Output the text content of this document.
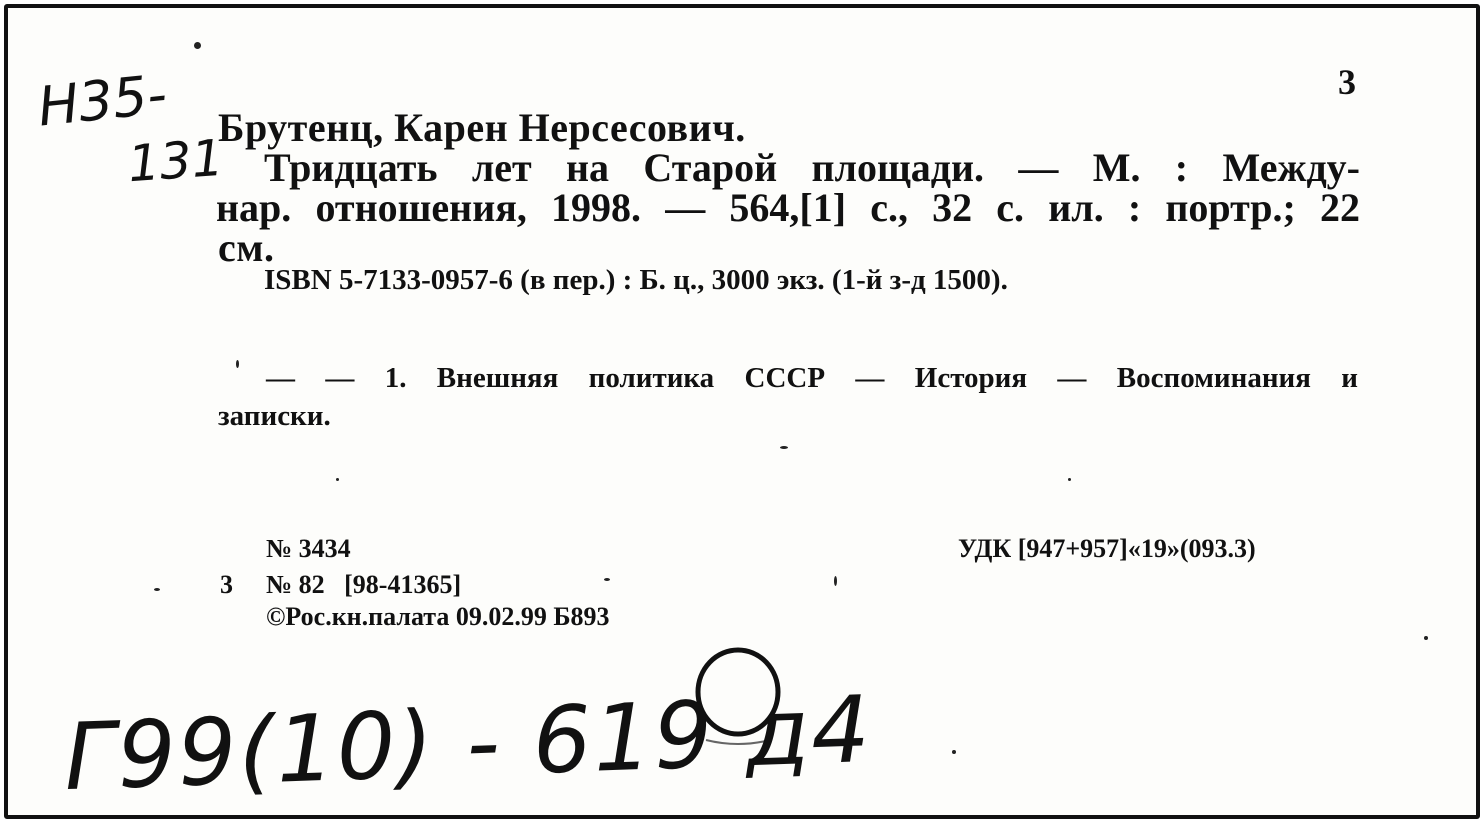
3
Н35-
131
Брутенц, Карен Нерсесович.
Тридцать лет на Старой площади. — М. : Между-
нар. отношения, 1998. — 564,[1] с., 32 с. ил. : портр.; 22
см.
ISBN 5-7133-0957-6 (в пер.) : Б. ц., 3000 экз. (1-й з-д 1500).
— — 1. Внешняя политика СССР — История — Воспоминания и
записки.
№ 3434
3 № 82   [98-41365]
©Рос.кн.палата 09.02.99 Б893
УДК [947+957]«19»(093.3)
Г99(10) - 619 д4
